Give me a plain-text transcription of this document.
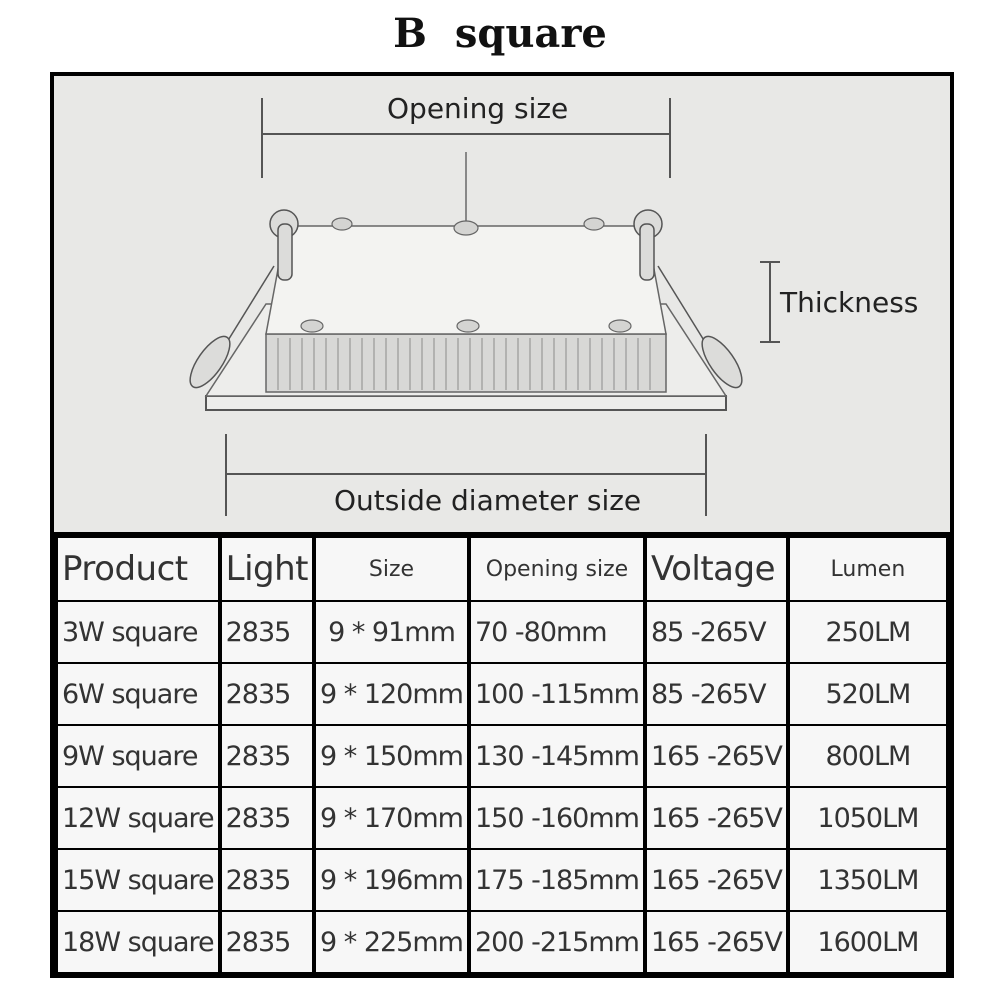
B square
Opening size
Thickness
Outside diameter size
Product	Light	Size	Opening size	Voltage	Lumen
3W square	2835	9 * 91mm	70 -80mm	85 -265V	250LM
6W square	2835	9 * 120mm	100 -115mm	85 -265V	520LM
9W square	2835	9 * 150mm	130 -145mm	165 -265V	800LM
12W square	2835	9 * 170mm	150 -160mm	165 -265V	1050LM
15W square	2835	9 * 196mm	175 -185mm	165 -265V	1350LM
18W square	2835	9 * 225mm	200 -215mm	165 -265V	1600LM
